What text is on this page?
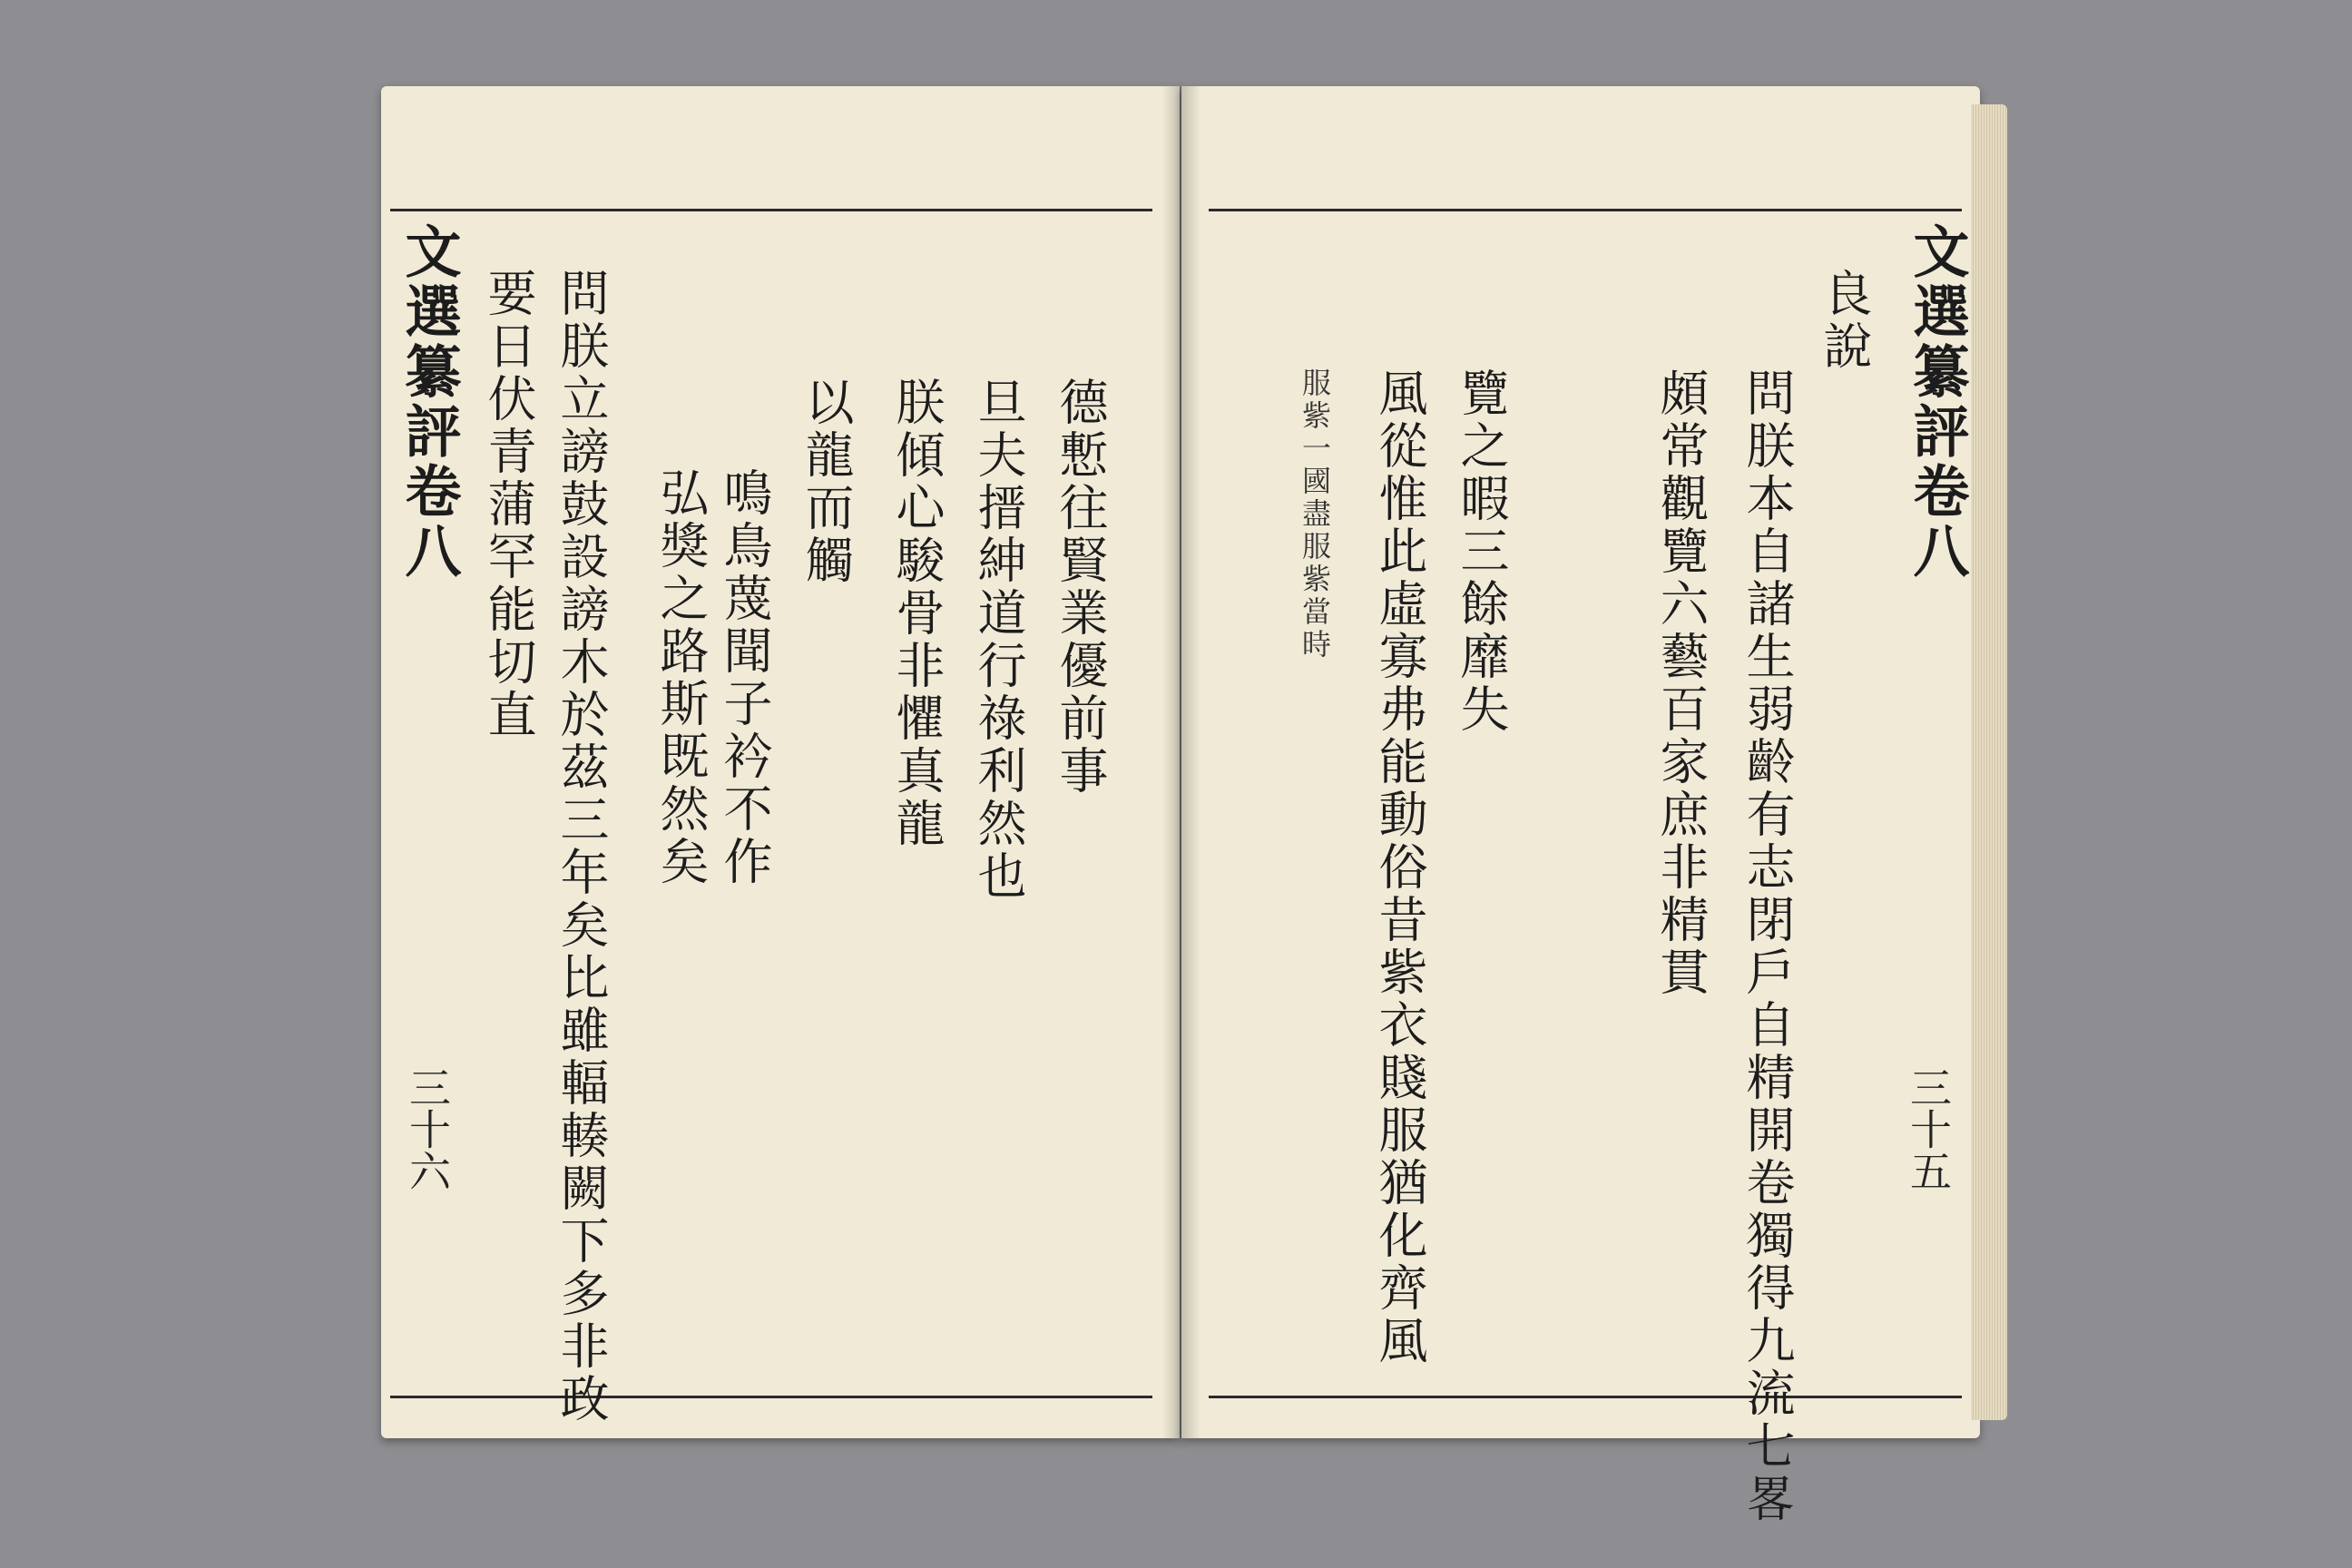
文選纂評卷八 要日伏青蒲罕能切直 問朕立謗鼓設謗木於茲三年矣比雖輻輳闕下多非政 弘獎之路斯既然矣 鳴鳥蔑聞子衿不作 以龍而觸 朕傾心駿骨非懼真龍 旦夫搢紳道行祿利然也 德慙往賢業優前事
三十六
文選纂評卷八
良說
問朕本自諸生弱齡有志閉戶自精開卷獨得九流七畧
頗常觀覽六藝百家庶非精貫
覽之暇三餘靡失
風從惟此虛寡弗能動俗昔紫衣賤服猶化齊風
服紫一國盡服紫當時
三十五
